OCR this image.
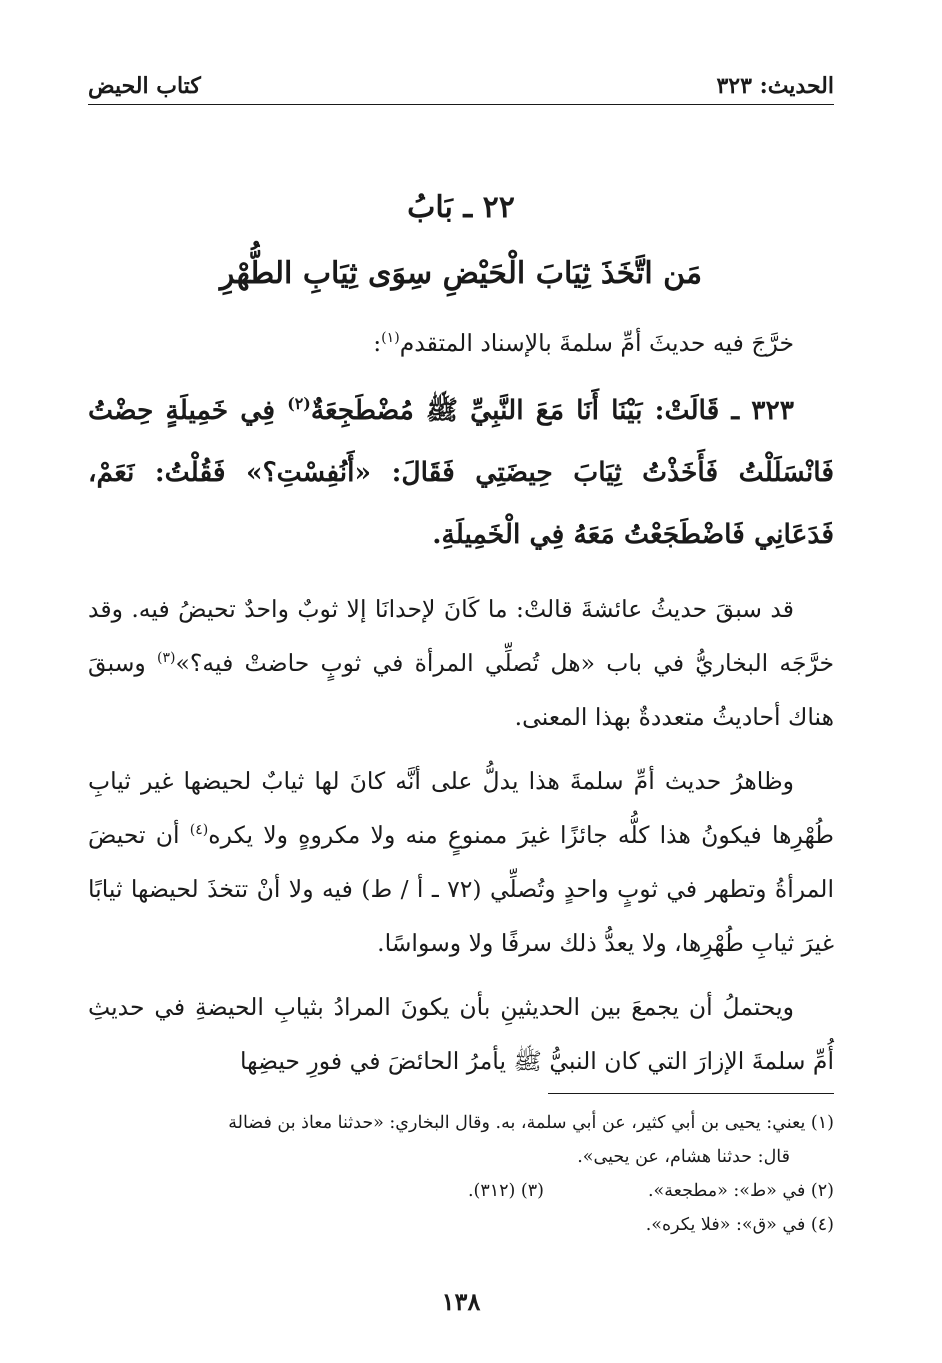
الحديث: ٣٢٣
كتاب الحيض
٢٢ ـ بَابُ
مَن اتَّخَذَ ثِيَابَ الْحَيْضِ سِوَى ثِيَابِ الطُّهْرِ

خرَّجَ فيه حديثَ أمِّ سلمةَ بالإسناد المتقدم$^{(١)}$:

٣٢٣ ـ قَالَتْ: بَيْنَا أَنَا مَعَ النَّبِيِّ ﷺ مُضْطَجِعَةٌ$^{(٢)}$ فِي خَمِيلَةٍ حِضْتُ فَانْسَلَلْتُ فَأَخَذْتُ ثِيَابَ حِيضَتِي فَقَالَ: «أَنُفِسْتِ؟» فَقُلْتُ: نَعَمْ، فَدَعَانِي فَاضْطَجَعْتُ مَعَهُ فِي الْخَمِيلَةِ.

قد سبقَ حديثُ عائشةَ قالتْ: ما كَانَ لإحدانَا إلا ثوبٌ واحدٌ تحيضُ فيه. وقد خرَّجَه البخاريُّ في باب «هل تُصلِّي المرأة في ثوبٍ حاضتْ فيه؟»$^{(٣)}$ وسبقَ هناك أحاديثُ متعددةٌ بهذا المعنى.

وظاهرُ حديث أمِّ سلمةَ هذا يدلُّ على أنَّه كانَ لها ثيابٌ لحيضها غير ثيابِ طُهْرِها فيكونُ هذا كلُّه جائزًا غيرَ ممنوعٍ منه ولا مكروهٍ ولا يكره$^{(٤)}$ أن تحيضَ المرأةُ وتطهر في ثوبٍ واحدٍ وتُصلِّي (٧٢ ـ أ / ط) فيه ولا أنْ تتخذَ لحيضها ثيابًا غيرَ ثيابِ طُهْرِها، ولا يعدُّ ذلك سرفًا ولا وسواسًا.

ويحتملُ أن يجمعَ بين الحديثينِ بأن يكونَ المرادُ بثيابِ الحيضةِ في حديثِ أُمِّ سلمةَ الإزارَ التي كان النبيُّ ﷺ يأمرُ الحائضَ في فورِ حيضِها

(١) يعني: يحيى بن أبي كثير، عن أبي سلمة، به. وقال البخاري: «حدثنا معاذ بن فضالة

قال: حدثنا هشام، عن يحيى».

(٢) في «ط»: «مطجعة».
(٣) (٣١٢).

(٤) في «ق»: «فلا يكره».

١٣٨
